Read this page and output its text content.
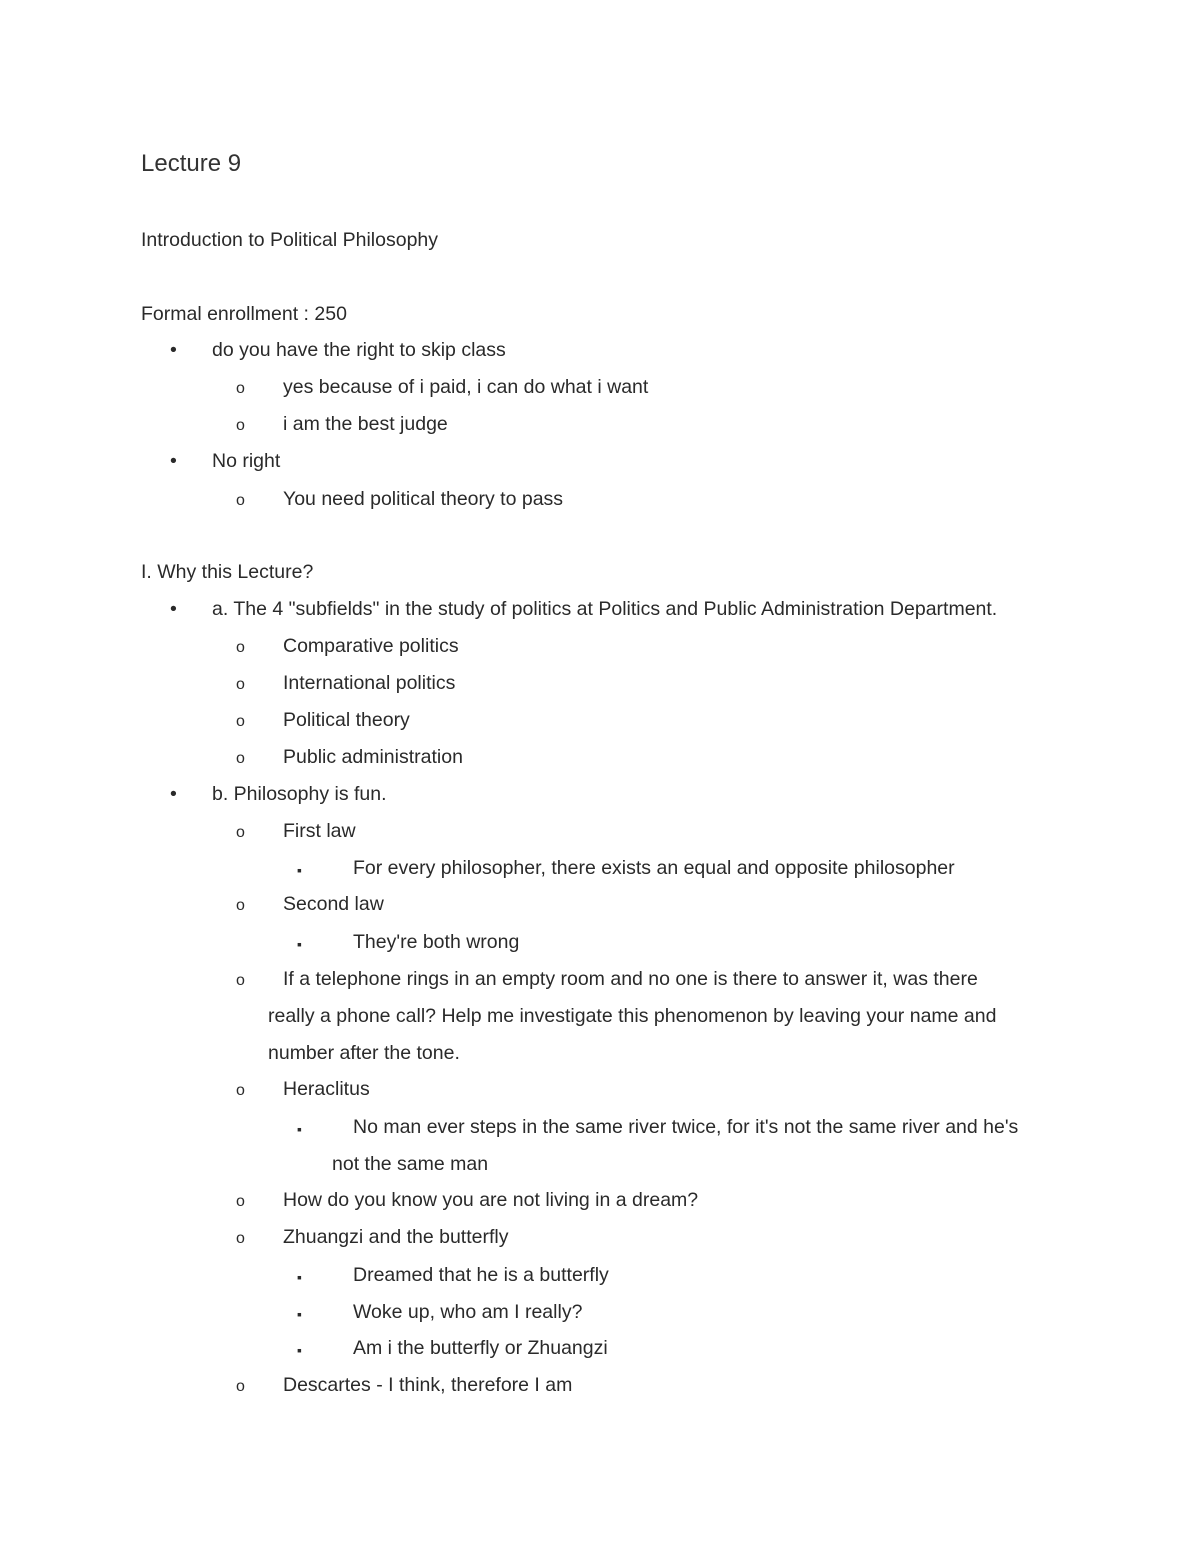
Lecture 9
Introduction to Political Philosophy
Formal enrollment : 250
• do you have the right to skip class
o yes because of i paid, i can do what i want
o i am the best judge
• No right
o You need political theory to pass
I. Why this Lecture?
• a. The 4 "subfields" in the study of politics at Politics and Public Administration Department.
o Comparative politics
o International politics
o Political theory
o Public administration
• b. Philosophy is fun.
o First law
▪	For every philosopher, there exists an equal and opposite philosopher
o Second law
▪	They're both wrong
o If a telephone rings in an empty room and no one is there to answer it, was there
really a phone call? Help me investigate this phenomenon by leaving your name and
number after the tone.
o Heraclitus
▪	No man ever steps in the same river twice, for it's not the same river and he's
not the same man
o How do you know you are not living in a dream?
o Zhuangzi and the butterfly
▪	Dreamed that he is a butterfly
▪	Woke up, who am I really?
▪	Am i the butterfly or Zhuangzi
o Descartes - I think, therefore I am
